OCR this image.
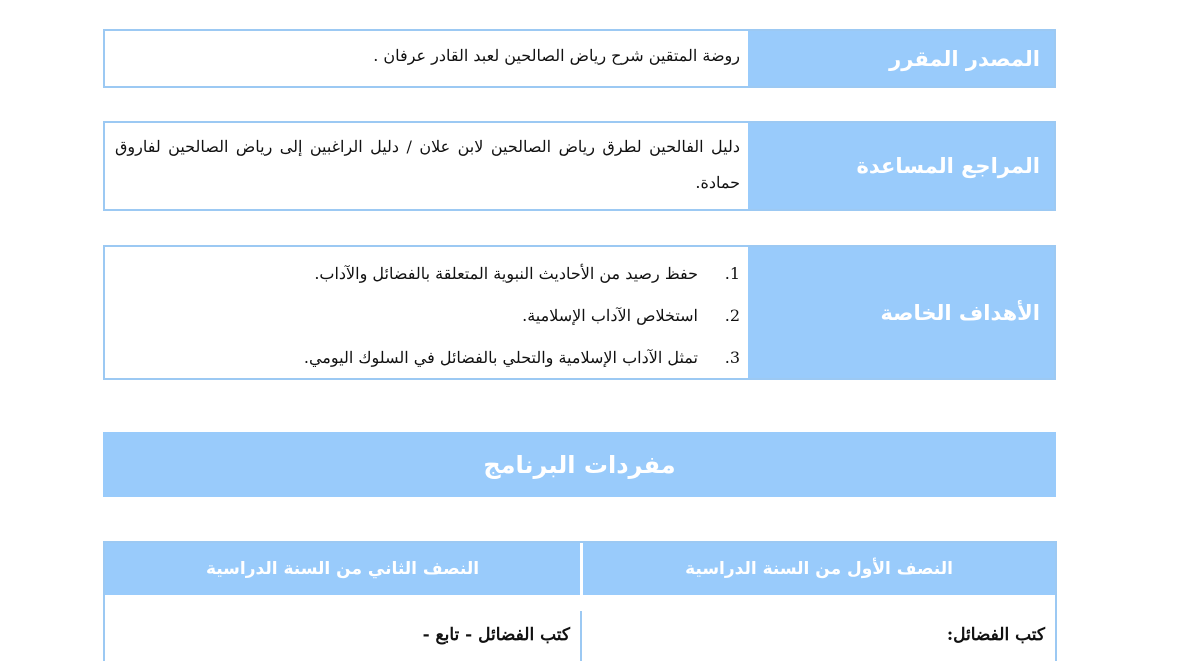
المصدر المقرر
روضة المتقين شرح رياض الصالحين لعبد القادر عرفان .
المراجع المساعدة
دليل الفالحين لطرق رياض الصالحين لابن علان / دليل الراغبين إلى رياض الصالحين لفاروق حمادة.
الأهداف الخاصة
1.
حفظ رصيد من الأحاديث النبوية المتعلقة بالفضائل والآداب.
2.
استخلاص الآداب الإسلامية.
3.
تمثل الآداب الإسلامية والتحلي بالفضائل في السلوك اليومي.
مفردات البرنامج
النصف الأول من السنة الدراسية
النصف الثاني من السنة الدراسية
كتب الفضائل:
كتب الفضائل - تابع -
